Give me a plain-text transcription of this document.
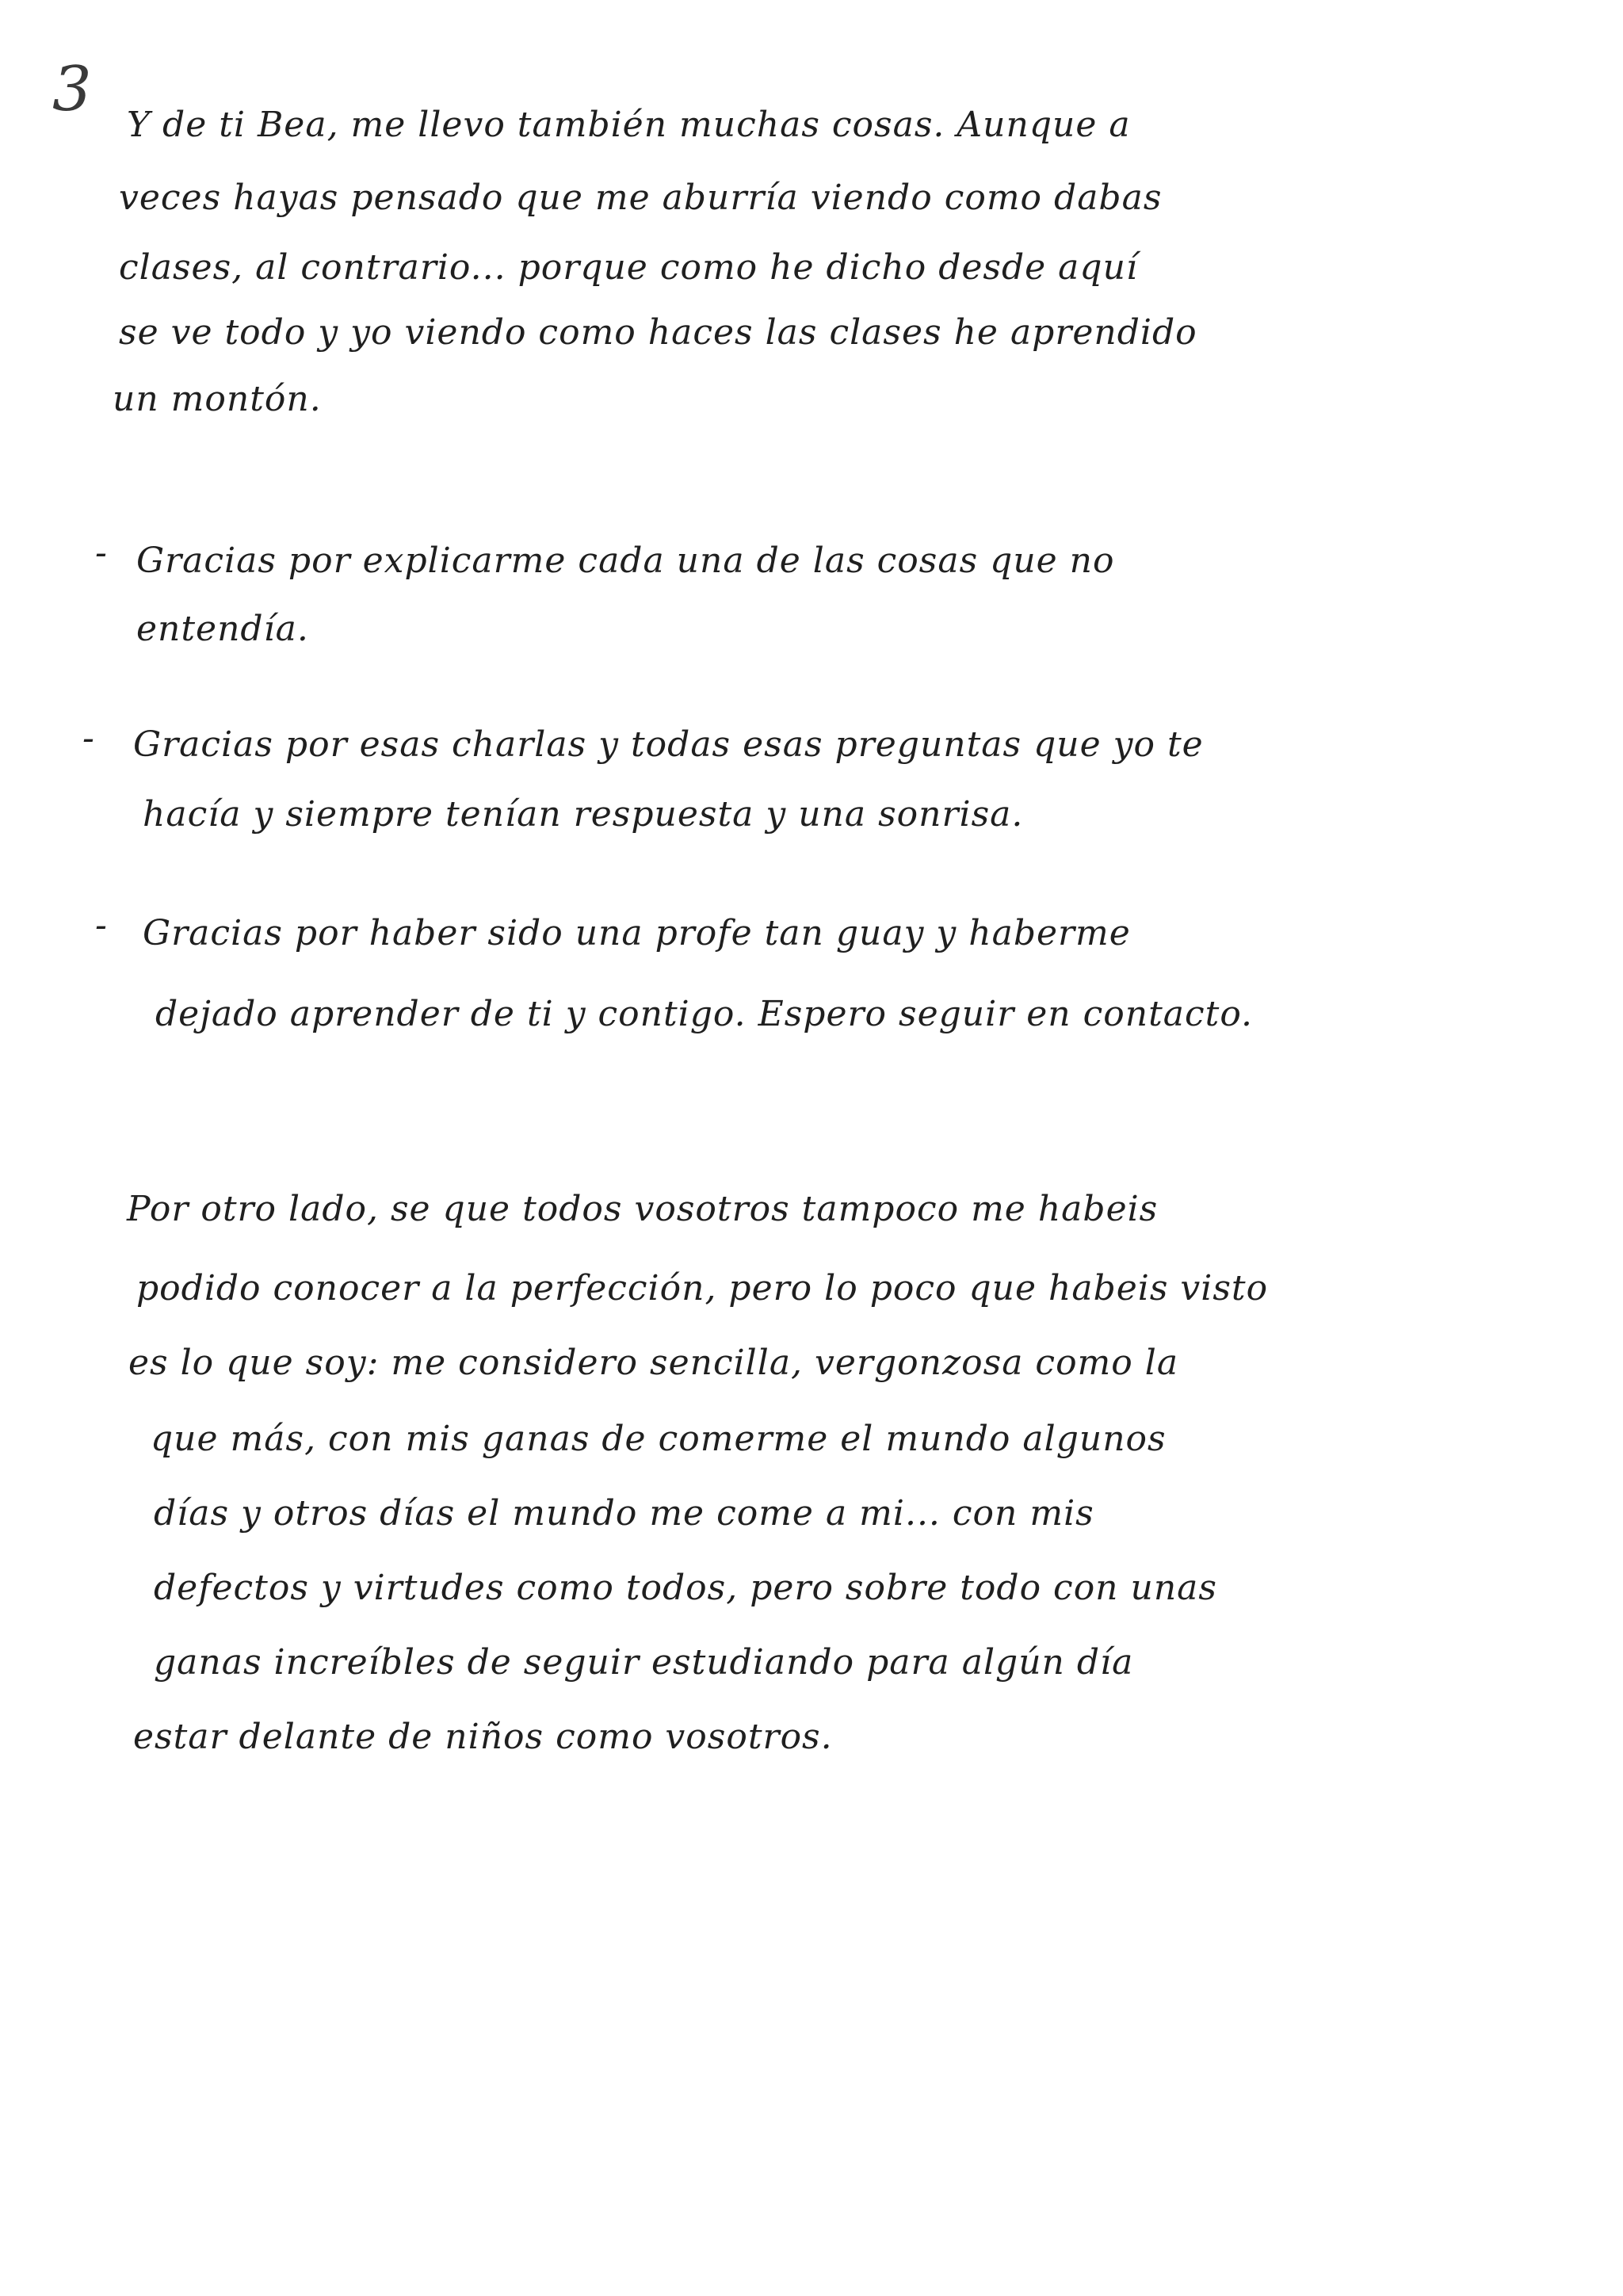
3 Y de ti Bea, me llevo también muchas cosas. Aunque a
veces hayas pensado que me aburría viendo como dabas
clases, al contrario... porque como he dicho desde aquí
se ve todo y yo viendo como haces las clases he aprendido
un montón.
- Gracias por explicarme cada una de las cosas que no
entendía.
- Gracias por esas charlas y todas esas preguntas que yo te
hacía y siempre tenían respuesta y una sonrisa.
- Gracias por haber sido una profe tan guay y haberme
dejado aprender de ti y contigo. Espero seguir en contacto.
Por otro lado, se que todos vosotros tampoco me habeis
podido conocer a la perfección, pero lo poco que habeis visto
es lo que soy: me considero sencilla, vergonzosa como la
que más, con mis ganas de comerme el mundo algunos
días y otros días el mundo me come a mi... con mis
defectos y virtudes como todos, pero sobre todo con unas
ganas increíbles de seguir estudiando para algún día
estar delante de niños como vosotros.
